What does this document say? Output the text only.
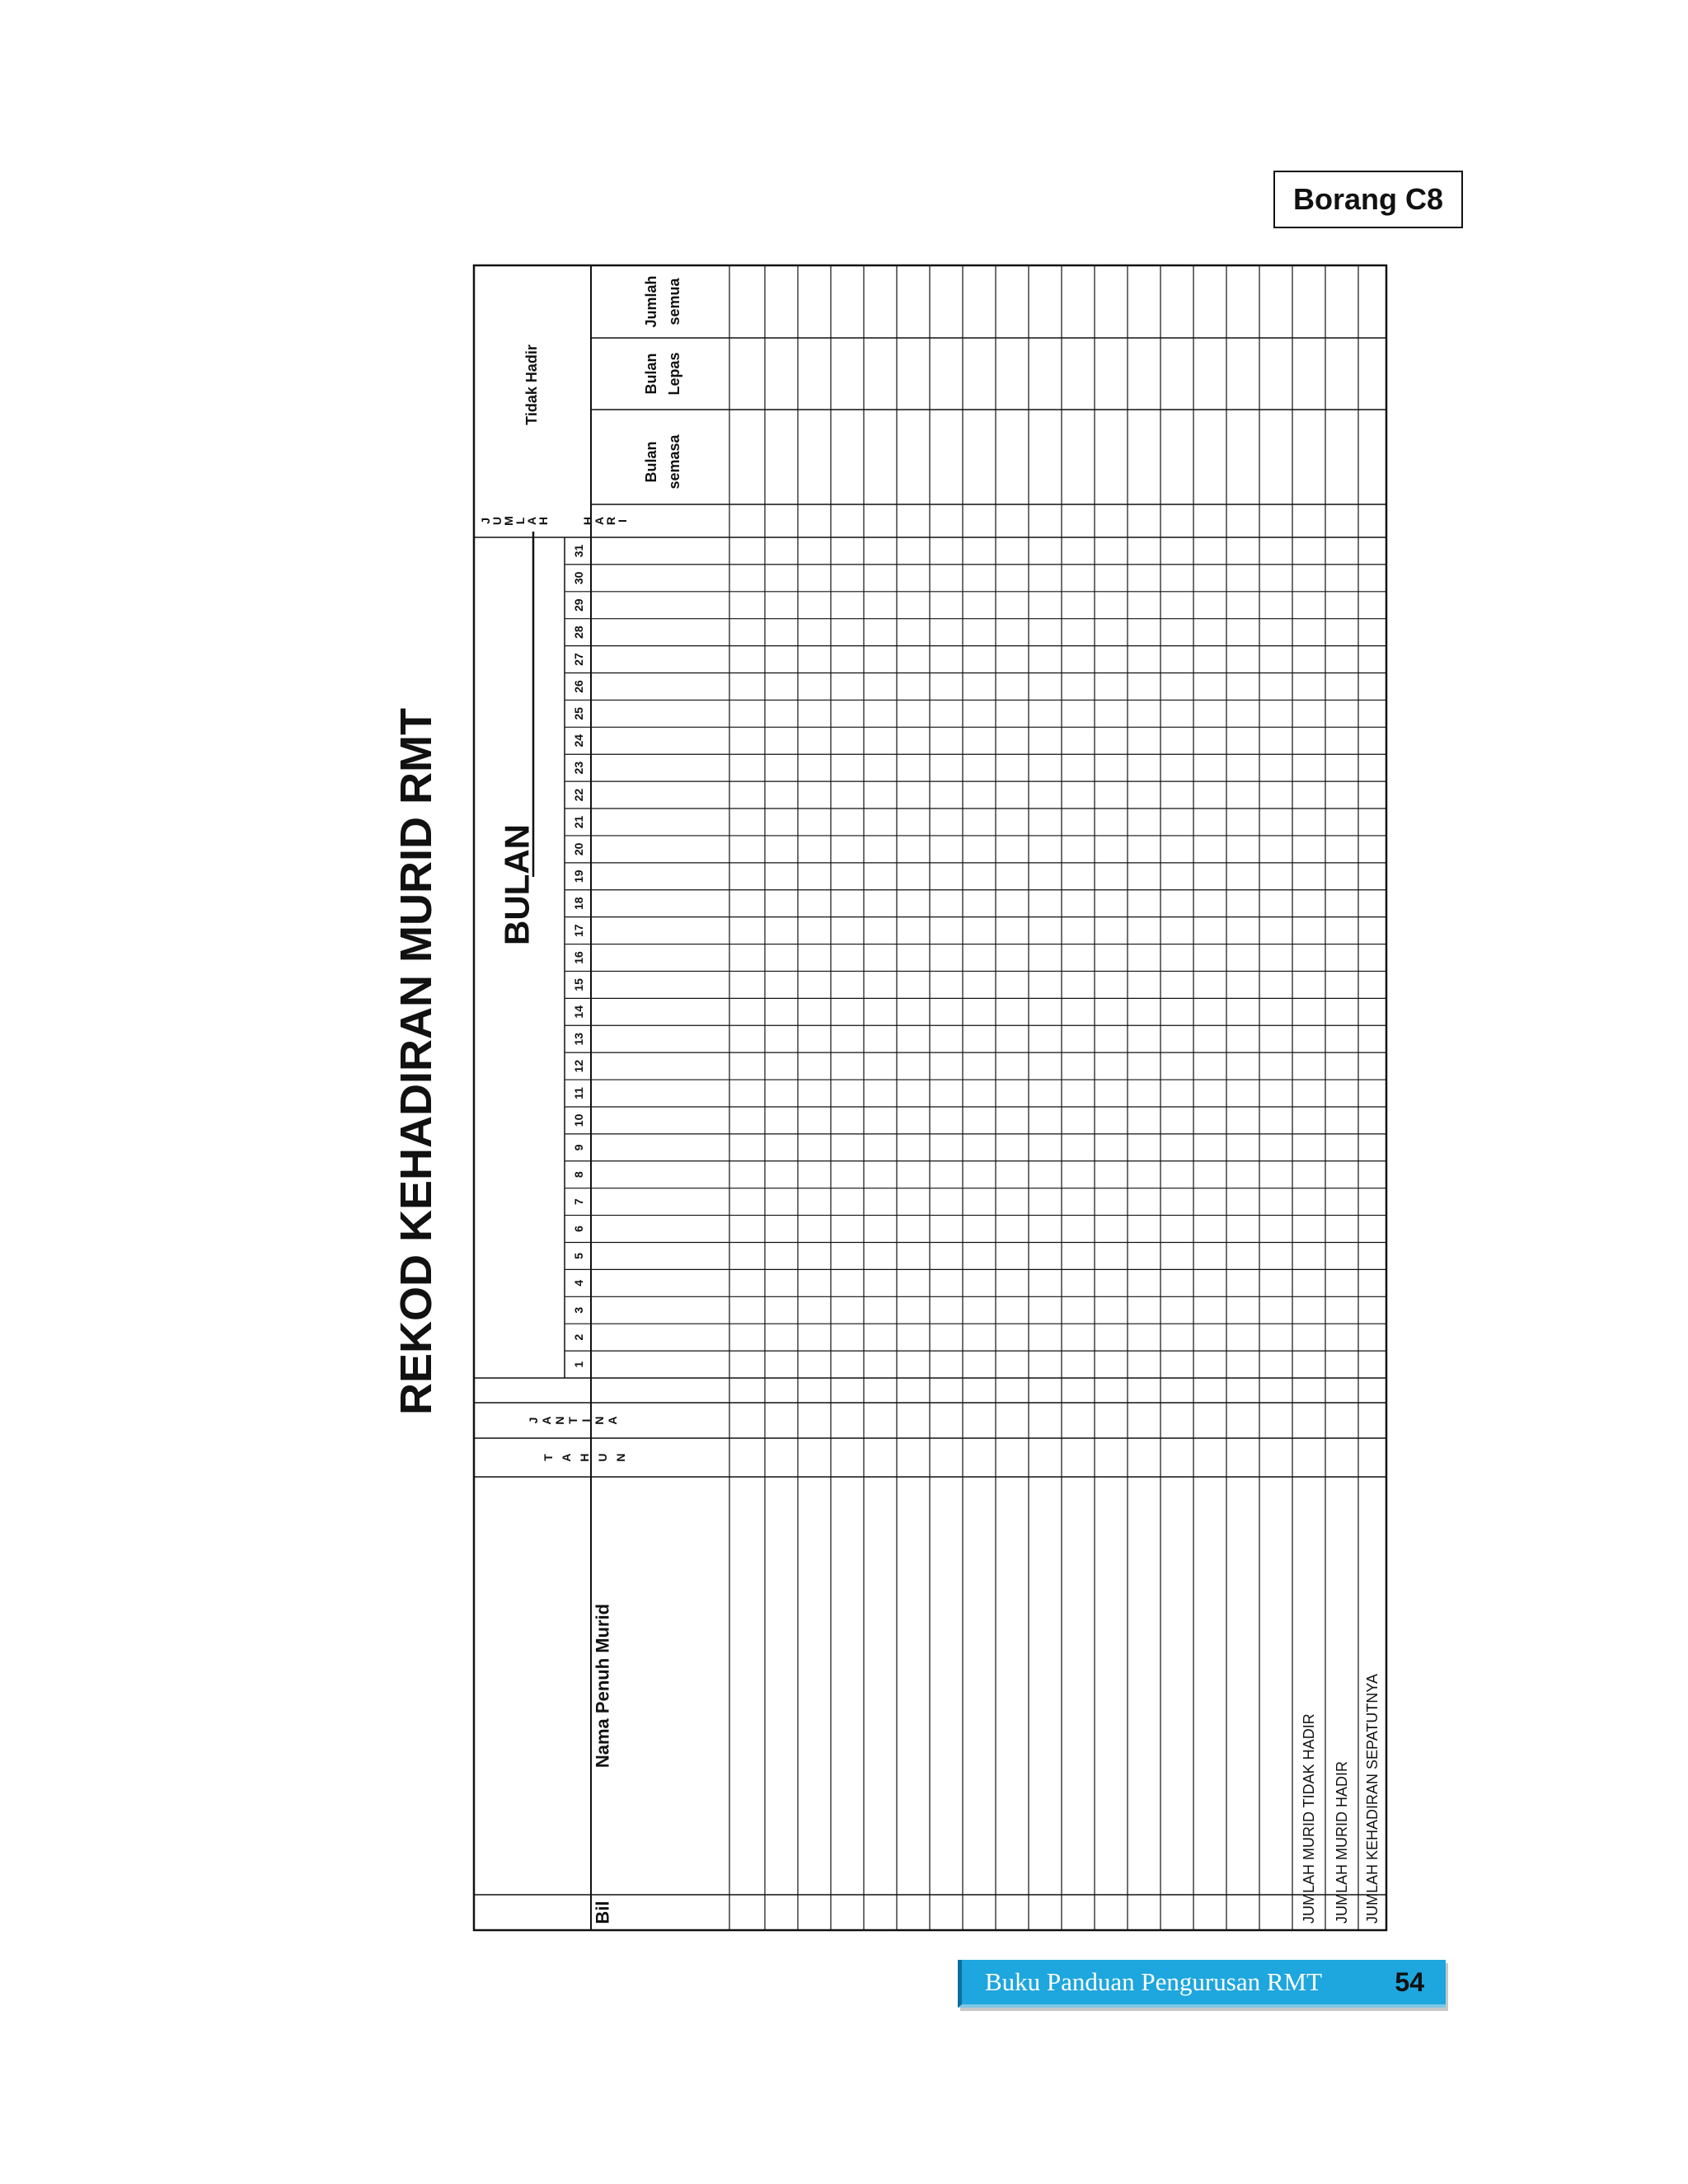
Borang C8
REKOD KEHADIRAN MURID RMT
Bil
Nama Penuh Murid
T A H U N
J A N T I N A
J
U
M
L
A
H	H
A
R
I
BULAN
1
2
3
4
5
6
7
8
9
10
11
12
13
14
15
16
17
18
19
20
21
22
23
24
25
26
27
28
29
30
31
Tidak Hadir
Bulan semasa
Bulan Lepas
Jumlah semua
JUMLAH MURID TIDAK HADIR JUMLAH MURID HADIR JUMLAH KEHADIRAN SEPATUTNYA
Buku Panduan Pengurusan RMT	54
